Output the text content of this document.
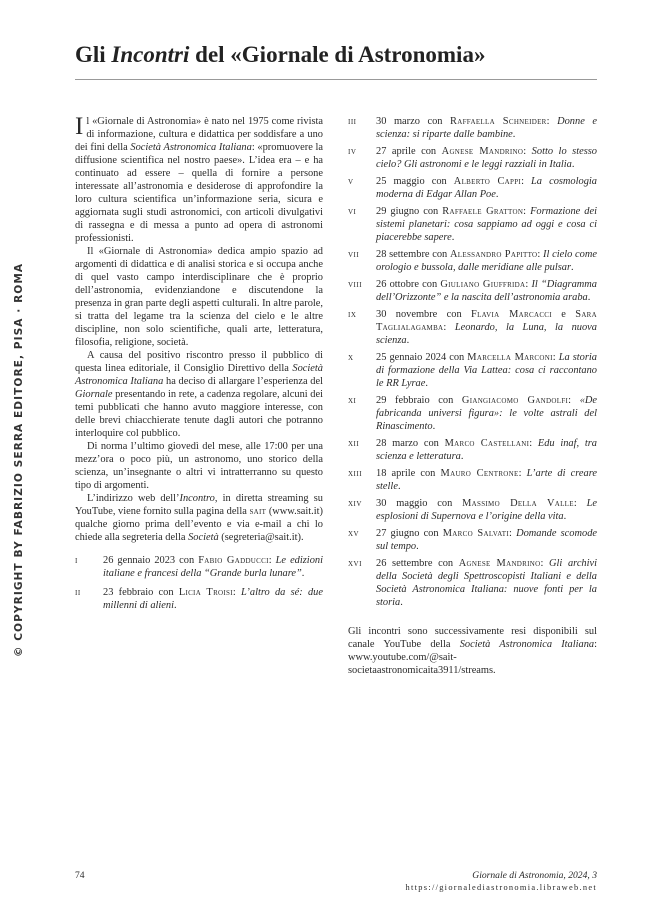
© COPYRIGHT BY FABRIZIO SERRA EDITORE, PISA · ROMA
Gli Incontri del «Giornale di Astronomia»

Il «Giornale di Astronomia» è nato nel 1975 come rivista di informazione, cultura e didattica per soddisfare a uno dei fini della Società Astronomica Italiana: «promuovere la diffusione scientifica nel nostro paese». L’idea era – e ha continuato ad essere – quella di fornire a persone interessate all’astronomia e desiderose di approfondire la loro cultura scientifica un’informazione seria, sicura e aggiornata sugli studi astronomici, con articoli divulgativi di rassegna e di messa a punto ad opera di astronomi professionisti.

Il «Giornale di Astronomia» dedica ampio spazio ad argomenti di didattica e di analisi storica e si occupa anche di quel vasto campo interdisciplinare che è proprio dell’astronomia, evidenziandone e discutendone la presenza in gran parte degli aspetti culturali. In altre parole, si tratta del legame tra la scienza del cielo e le altre discipline, non solo scientifiche, quali arte, letteratura, filosofia, religione, società.

A causa del positivo riscontro presso il pubblico di questa linea editoriale, il Consiglio Direttivo della Società Astronomica Italiana ha deciso di allargare l’esperienza del Giornale presentando in rete, a cadenza regolare, alcuni dei temi pubblicati che hanno avuto maggiore interesse, con delle brevi chiacchierate tenute dagli autori che potranno interloquire col pubblico.

Di norma l’ultimo giovedì del mese, alle 17:00 per una mezz’ora o poco più, un astronomo, uno storico della scienza, un’insegnante o altri vi intratterranno su questo tipo di argomenti.

L’indirizzo web dell’Incontro, in diretta streaming su YouTube, viene fornito sulla pagina della sait (www.sait.it) qualche giorno prima dell’evento e via e-mail a chi lo chiede alla segreteria della Società (segreteria@sait.it).

i 26 gennaio 2023 con Fabio Gadducci: Le edizioni italiane e francesi della “Grande burla lunare”.
ii 23 febbraio con Licia Troisi: L’altro da sé: due millenni di alieni.
iii 30 marzo con Raffaella Schneider: Donne e scienza: si riparte dalle bambine.
iv 27 aprile con Agnese Mandrino: Sotto lo stesso cielo? Gli astronomi e le leggi razziali in Italia.
v 25 maggio con Alberto Cappi: La cosmologia moderna di Edgar Allan Poe.
vi 29 giugno con Raffaele Gratton: Formazione dei sistemi planetari: cosa sappiamo ad oggi e cosa ci piacerebbe sapere.
vii 28 settembre con Alessandro Papitto: Il cielo come orologio e bussola, dalle meridiane alle pulsar.
viii 26 ottobre con Giuliano Giuffrida: Il “Diagramma dell’Orizzonte” e la nascita dell’astronomia araba.
ix 30 novembre con Flavia Marcacci e Sara Taglialagamba: Leonardo, la Luna, la nuova scienza.
x 25 gennaio 2024 con Marcella Marconi: La storia di formazione della Via Lattea: cosa ci raccontano le RR Lyrae.
xi 29 febbraio con Giangiacomo Gandolfi: «De fabricanda universi figura»: le volte astrali del Rinascimento.
xii 28 marzo con Marco Castellani: Edu inaf, tra scienza e letteratura.
xiii 18 aprile con Mauro Centrone: L’arte di creare stelle.
xiv 30 maggio con Massimo Della Valle: Le esplosioni di Supernova e l’origine della vita.
xv 27 giugno con Marco Salvati: Domande scomode sul tempo.
xvi 26 settembre con Agnese Mandrino: Gli archivi della Società degli Spettroscopisti Italiani e della Società Astronomica Italiana: nuove fonti per la storia.
Gli incontri sono successivamente resi disponibili sul canale YouTube della Società Astronomica Italiana: www.youtube.com/@sait-societaastronomicaita3911/streams.
74	Giornale di Astronomia, 2024, 3
https://giornalediastronomia.libraweb.net
